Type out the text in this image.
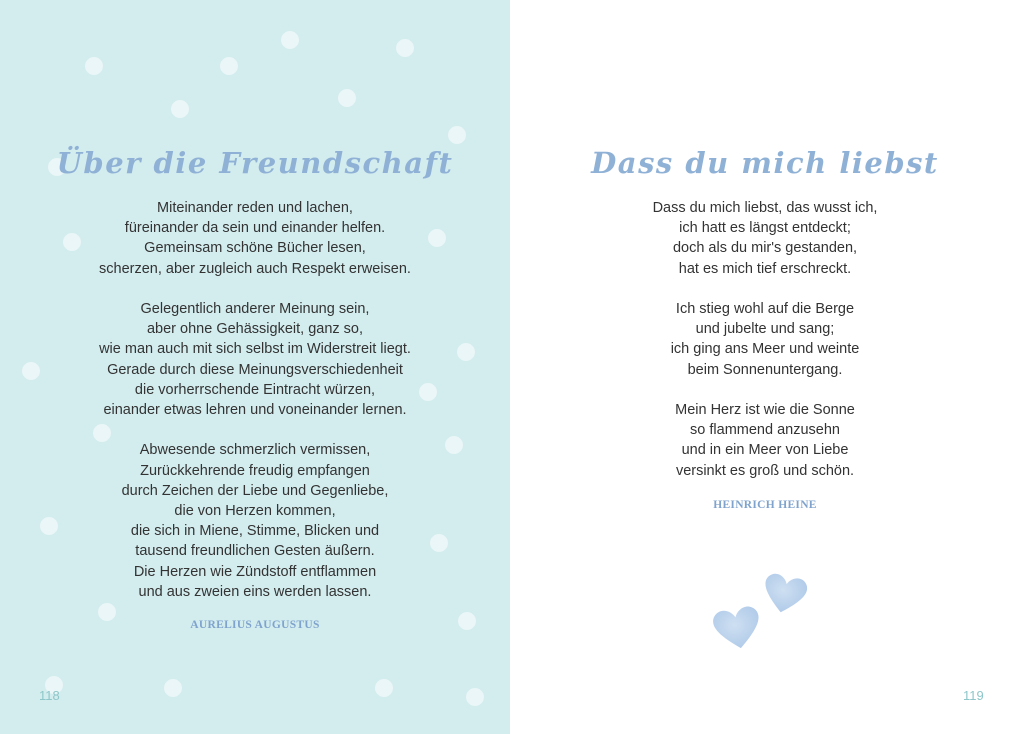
Über die Freundschaft
Miteinander reden und lachen,
füreinander da sein und einander helfen.
Gemeinsam schöne Bücher lesen,
scherzen, aber zugleich auch Respekt erweisen.
Gelegentlich anderer Meinung sein,
aber ohne Gehässigkeit, ganz so,
wie man auch mit sich selbst im Widerstreit liegt.
Gerade durch diese Meinungsverschiedenheit
die vorherrschende Eintracht würzen,
einander etwas lehren und voneinander lernen.
Abwesende schmerzlich vermissen,
Zurückkehrende freudig empfangen
durch Zeichen der Liebe und Gegenliebe,
die von Herzen kommen,
die sich in Miene, Stimme, Blicken und
tausend freundlichen Gesten äußern.
Die Herzen wie Zündstoff entflammen
und aus zweien eins werden lassen.
AURELIUS AUGUSTUS
118
Dass du mich liebst
Dass du mich liebst, das wusst ich,
ich hatt es längst entdeckt;
doch als du mir's gestanden,
hat es mich tief erschreckt.
Ich stieg wohl auf die Berge
und jubelte und sang;
ich ging ans Meer und weinte
beim Sonnenuntergang.
Mein Herz ist wie die Sonne
so flammend anzusehn
und in ein Meer von Liebe
versinkt es groß und schön.
HEINRICH HEINE
119
